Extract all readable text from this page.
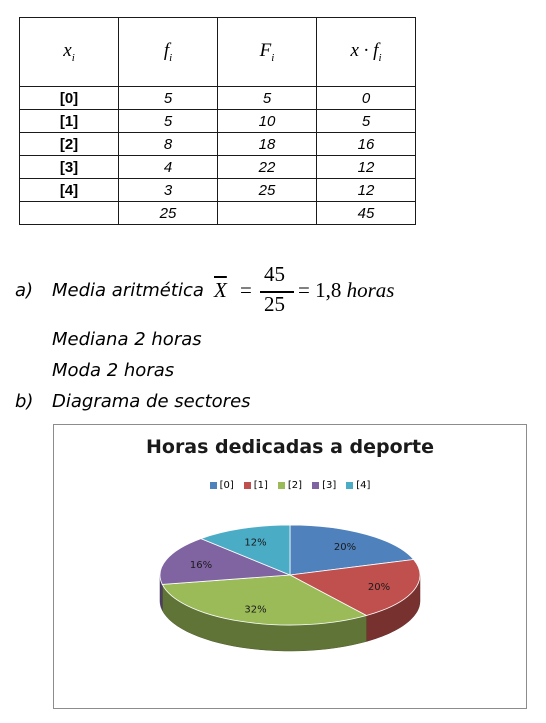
$x_i$	$f_i$	$F_i$	$x \cdot f_i$
[0]	5	5	0
[1]	5	10	5
[2]	8	18	16
[3]	4	22	12
[4]	3	25	12
	25		45
a) Media aritmética $\overline{X}$ =
45
25
= 1,8 horas
Mediana 2 horas
Moda 2 horas
b) Diagrama de sectores
20%
20%
32%
16%
12%
Horas dedicadas a deporte
[0] [1] [2] [3] [4]
